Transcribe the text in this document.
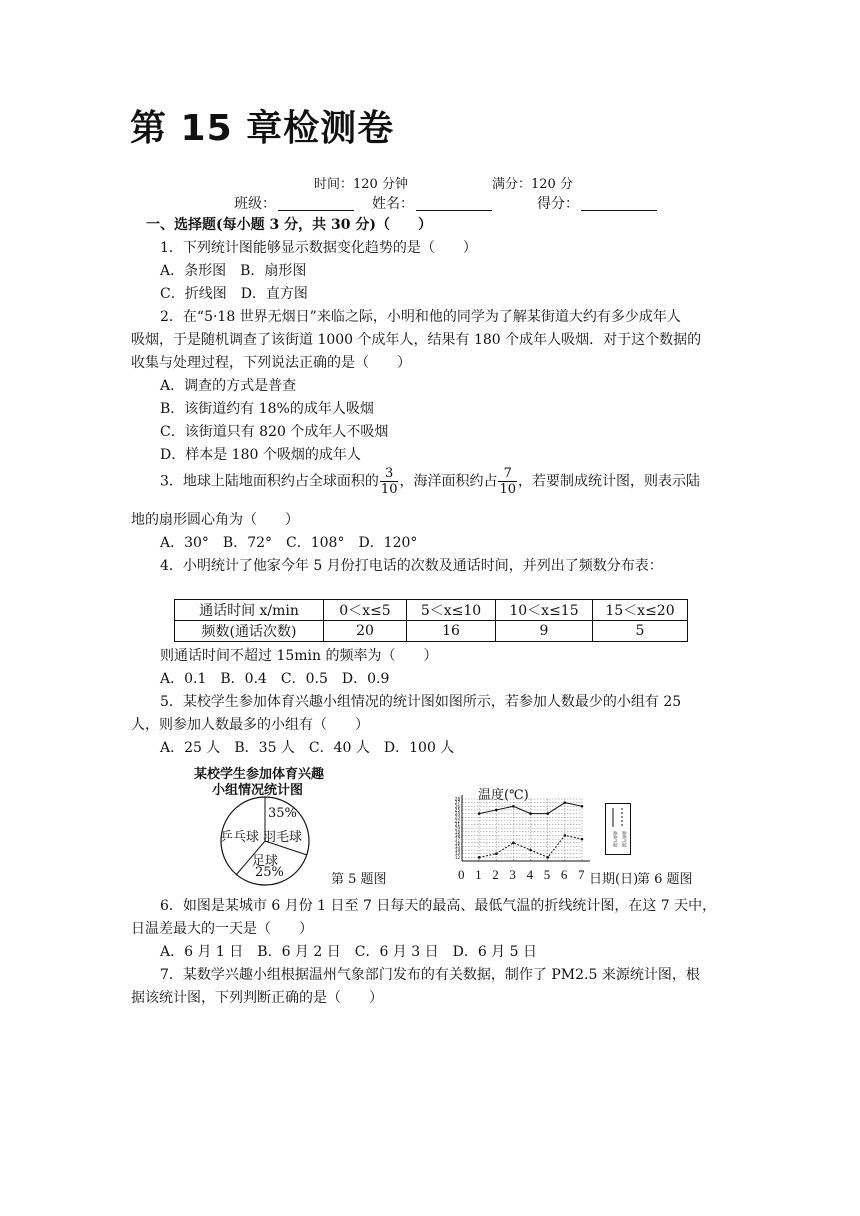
第 15 章检测卷
时间：120 分钟	满分：120 分
班级：	姓名：	得分：
一、选择题(每小题 3 分，共 30 分)（　　）
1．下列统计图能够显示数据变化趋势的是（　　）
A．条形图　B．扇形图
C．折线图　D．直方图
2．在“5·18 世界无烟日”来临之际，小明和他的同学为了解某街道大约有多少成年人
吸烟，于是随机调查了该街道 1000 个成年人，结果有 180 个成年人吸烟．对于这个数据的
收集与处理过程，下列说法正确的是（　　）
A．调查的方式是普查
B．该街道约有 18%的成年人吸烟
C．该街道只有 820 个成年人不吸烟
D．样本是 180 个吸烟的成年人
3．地球上陆地面积约占全球面积的 $\frac{3}{10}$ ，海洋面积约占 $\frac{7}{10}$ ，若要制成统计图，则表示陆
地的扇形圆心角为（　　）
A．30°　B．72°　C．108°　D．120°
4．小明统计了他家今年 5 月份打电话的次数及通话时间，并列出了频数分布表：
通话时间 x/min	0＜x≤5	5＜x≤10	10＜x≤15	15＜x≤20
频数(通话次数)	20	16	9	5
则通话时间不超过 15min 的频率为（　　）
A．0.1　B．0.4　C．0.5　D．0.9
5．某校学生参加体育兴趣小组情况的统计图如图所示，若参加人数最少的小组有 25
人，则参加人数最多的小组有（　　）
A．25 人　B．35 人　C．40 人　D．100 人
某校学生参加体育兴趣
小组情况统计图
35%
乒乓球 羽毛球
足球
25%	第 5 题图
温度(℃)
12
13
14
15
16
17
18
19
20
21
22
23
24
25
26
27
28
0 1 2 3 4 5 6 7 日期(日)
第 6 题图
最高气温 最低气温
6．如图是某城市 6 月份 1 日至 7 日每天的最高、最低气温的折线统计图，在这 7 天中，
日温差最大的一天是（　　）
A．6 月 1 日　B．6 月 2 日　C．6 月 3 日　D．6 月 5 日
7．某数学兴趣小组根据温州气象部门发布的有关数据，制作了 PM2.5 来源统计图，根
据该统计图，下列判断正确的是（　　）
